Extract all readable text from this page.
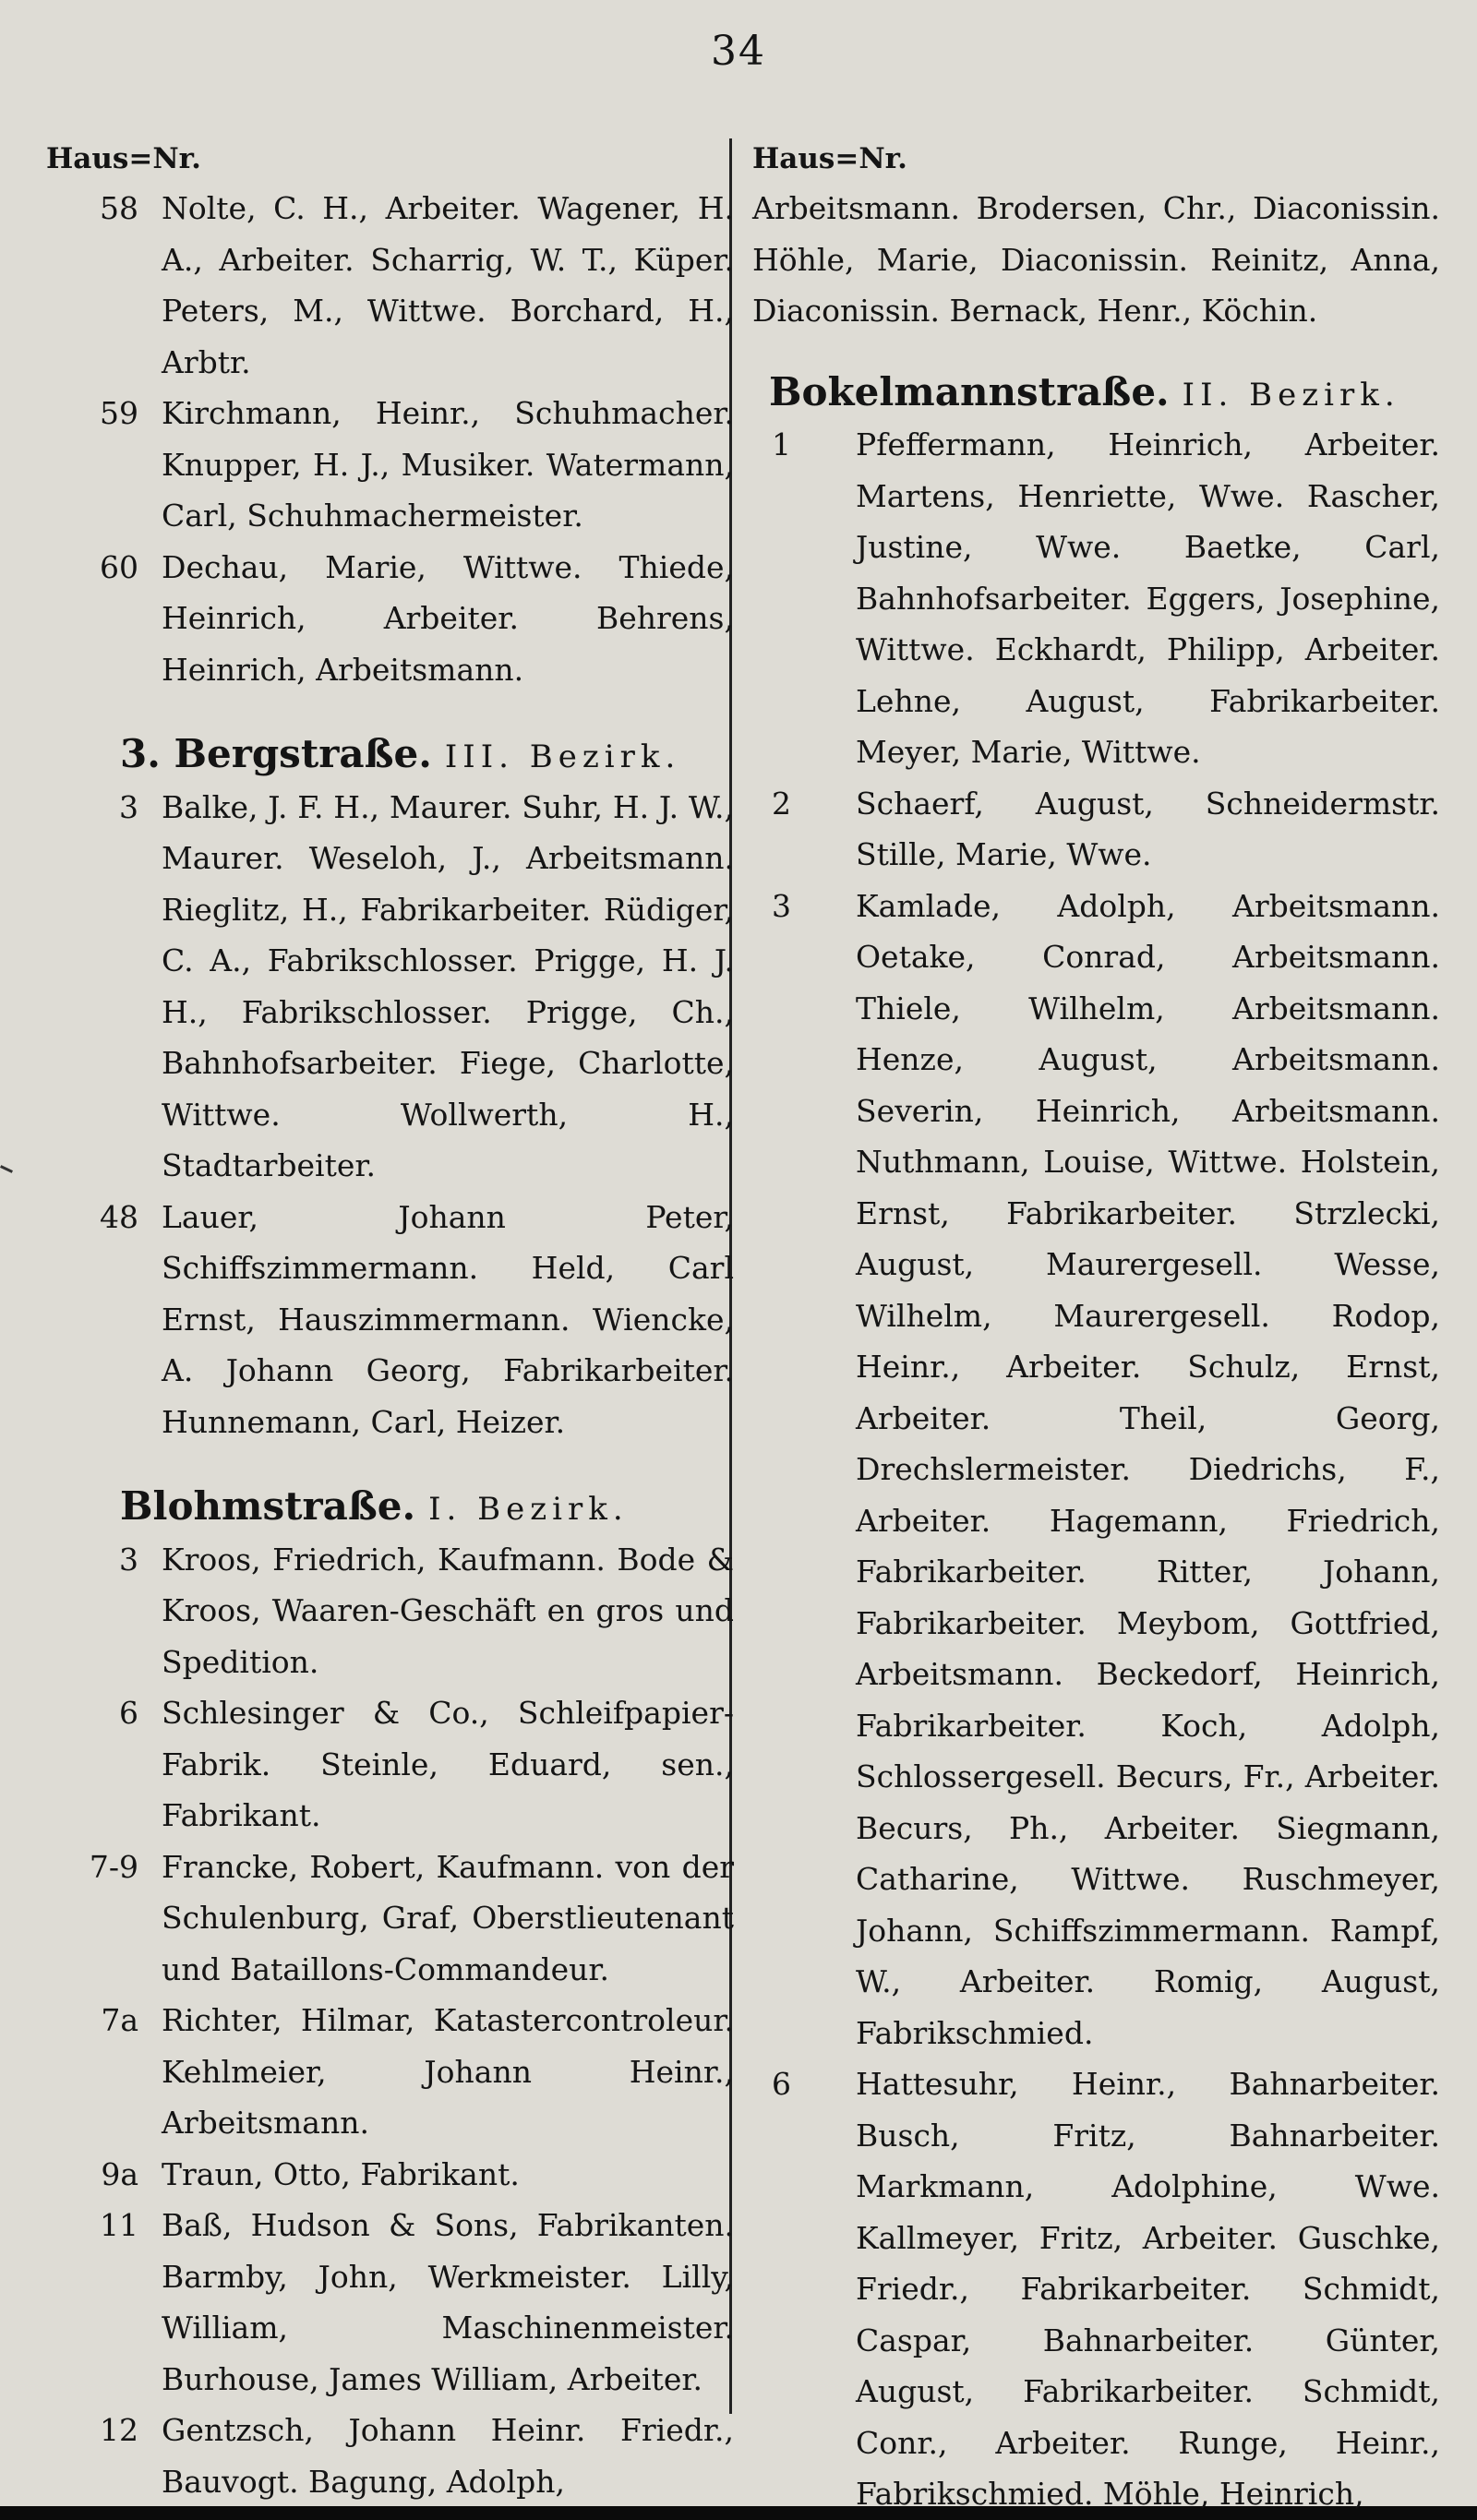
34
Haus=Nr.
58 Nolte, C. H., Arbeiter. Wagener, H. A., Arbeiter. Scharrig, W. T., Küper. Peters, M., Wittwe. Borchard, H., Arbtr.
59 Kirchmann, Heinr., Schuhmacher. Knupper, H. J., Musiker. Watermann, Carl, Schuhmachermeister.
60 Dechau, Marie, Wittwe. Thiede, Heinrich, Arbeiter. Behrens, Heinrich, Arbeitsmann.
3. Bergstraße. III. Bezirk.
3 Balke, J. F. H., Maurer. Suhr, H. J. W., Maurer. Weseloh, J., Arbeitsmann. Rieglitz, H., Fabrikarbeiter. Rüdiger, C. A., Fabrikschlosser. Prigge, H. J. H., Fabrikschlosser. Prigge, Ch., Bahnhofsarbeiter. Fiege, Charlotte, Wittwe. Wollwerth, H., Stadtarbeiter.
48 Lauer, Johann Peter, Schiffszimmermann. Held, Carl Ernst, Hauszimmermann. Wiencke, A. Johann Georg, Fabrikarbeiter. Hunnemann, Carl, Heizer.
Blohmstraße. I. Bezirk.
3 Kroos, Friedrich, Kaufmann. Bode & Kroos, Waaren-Geschäft en gros und Spedition.
6 Schlesinger & Co., Schleifpapier-Fabrik. Steinle, Eduard, sen., Fabrikant.
7-9 Francke, Robert, Kaufmann. von der Schulenburg, Graf, Oberstlieutenant und Bataillons-Commandeur.
7a Richter, Hilmar, Katastercontroleur. Kehlmeier, Johann Heinr., Arbeitsmann.
9a Traun, Otto, Fabrikant.
11 Baß, Hudson & Sons, Fabrikanten. Barmby, John, Werkmeister. Lilly, William, Maschinenmeister. Burhouse, James William, Arbeiter.
12 Gentzsch, Johann Heinr. Friedr., Bauvogt. Bagung, Adolph,
Haus=Nr.
Arbeitsmann. Brodersen, Chr., Diaconissin. Höhle, Marie, Diaconissin. Reinitz, Anna, Diaconissin. Bernack, Henr., Köchin.
Bokelmannstraße. II. Bezirk.
1 Pfeffermann, Heinrich, Arbeiter. Martens, Henriette, Wwe. Rascher, Justine, Wwe. Baetke, Carl, Bahnhofsarbeiter. Eggers, Josephine, Wittwe. Eckhardt, Philipp, Arbeiter. Lehne, August, Fabrikarbeiter. Meyer, Marie, Wittwe.
2 Schaerf, August, Schneidermstr. Stille, Marie, Wwe.
3 Kamlade, Adolph, Arbeitsmann. Oetake, Conrad, Arbeitsmann. Thiele, Wilhelm, Arbeitsmann. Henze, August, Arbeitsmann. Severin, Heinrich, Arbeitsmann. Nuthmann, Louise, Wittwe. Holstein, Ernst, Fabrikarbeiter. Strzlecki, August, Maurergesell. Wesse, Wilhelm, Maurergesell. Rodop, Heinr., Arbeiter. Schulz, Ernst, Arbeiter. Theil, Georg, Drechslermeister. Diedrichs, F., Arbeiter. Hagemann, Friedrich, Fabrikarbeiter. Ritter, Johann, Fabrikarbeiter. Meybom, Gottfried, Arbeitsmann. Beckedorf, Heinrich, Fabrikarbeiter. Koch, Adolph, Schlossergesell. Becurs, Fr., Arbeiter. Becurs, Ph., Arbeiter. Siegmann, Catharine, Wittwe. Ruschmeyer, Johann, Schiffszimmermann. Rampf, W., Arbeiter. Romig, August, Fabrikschmied.
6 Hattesuhr, Heinr., Bahnarbeiter. Busch, Fritz, Bahnarbeiter. Markmann, Adolphine, Wwe. Kallmeyer, Fritz, Arbeiter. Guschke, Friedr., Fabrikarbeiter. Schmidt, Caspar, Bahnarbeiter. Günter, August, Fabrikarbeiter. Schmidt, Conr., Arbeiter. Runge, Heinr., Fabrikschmied. Möhle, Heinrich,
